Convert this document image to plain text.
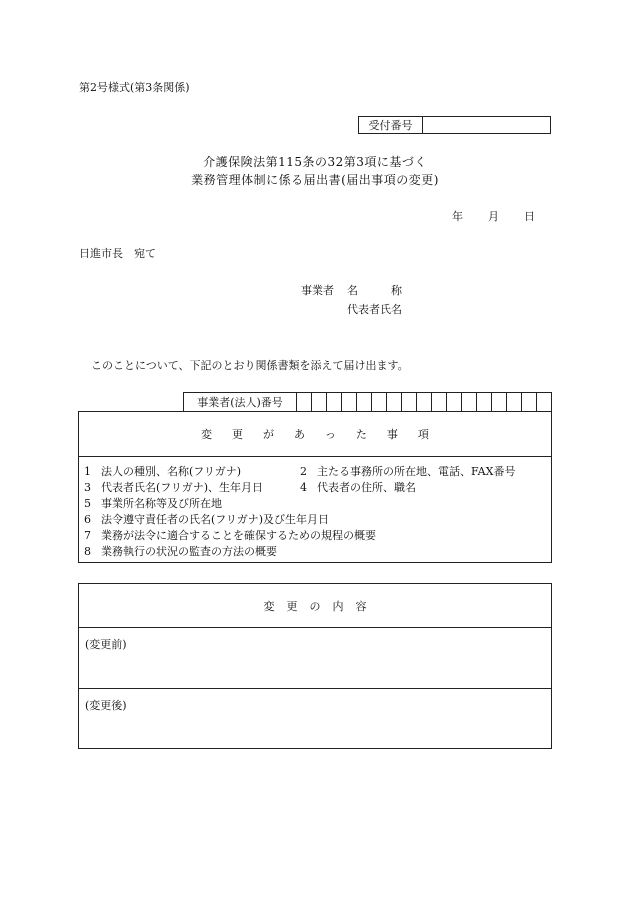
第2号様式(第3条関係)
受付番号
介護保険法第115条の32第3項に基づく
業務管理体制に係る届出書(届出事項の変更)
年 月 日
日進市長　宛て
事業者 名　　　称
代表者氏名
このことについて、下記のとおり関係書類を添えて届け出ます。
事業者(法人)番号
変更があった事項
1 法人の種別、名称(フリガナ)	2 主たる事務所の所在地、電話、FAX番号
3 代表者氏名(フリガナ)、生年月日	4 代表者の住所、職名
5 事業所名称等及び所在地
6 法令遵守責任者の氏名(フリガナ)及び生年月日
7 業務が法令に適合することを確保するための規程の概要
8 業務執行の状況の監査の方法の概要
変更の内容
(変更前)
(変更後)
